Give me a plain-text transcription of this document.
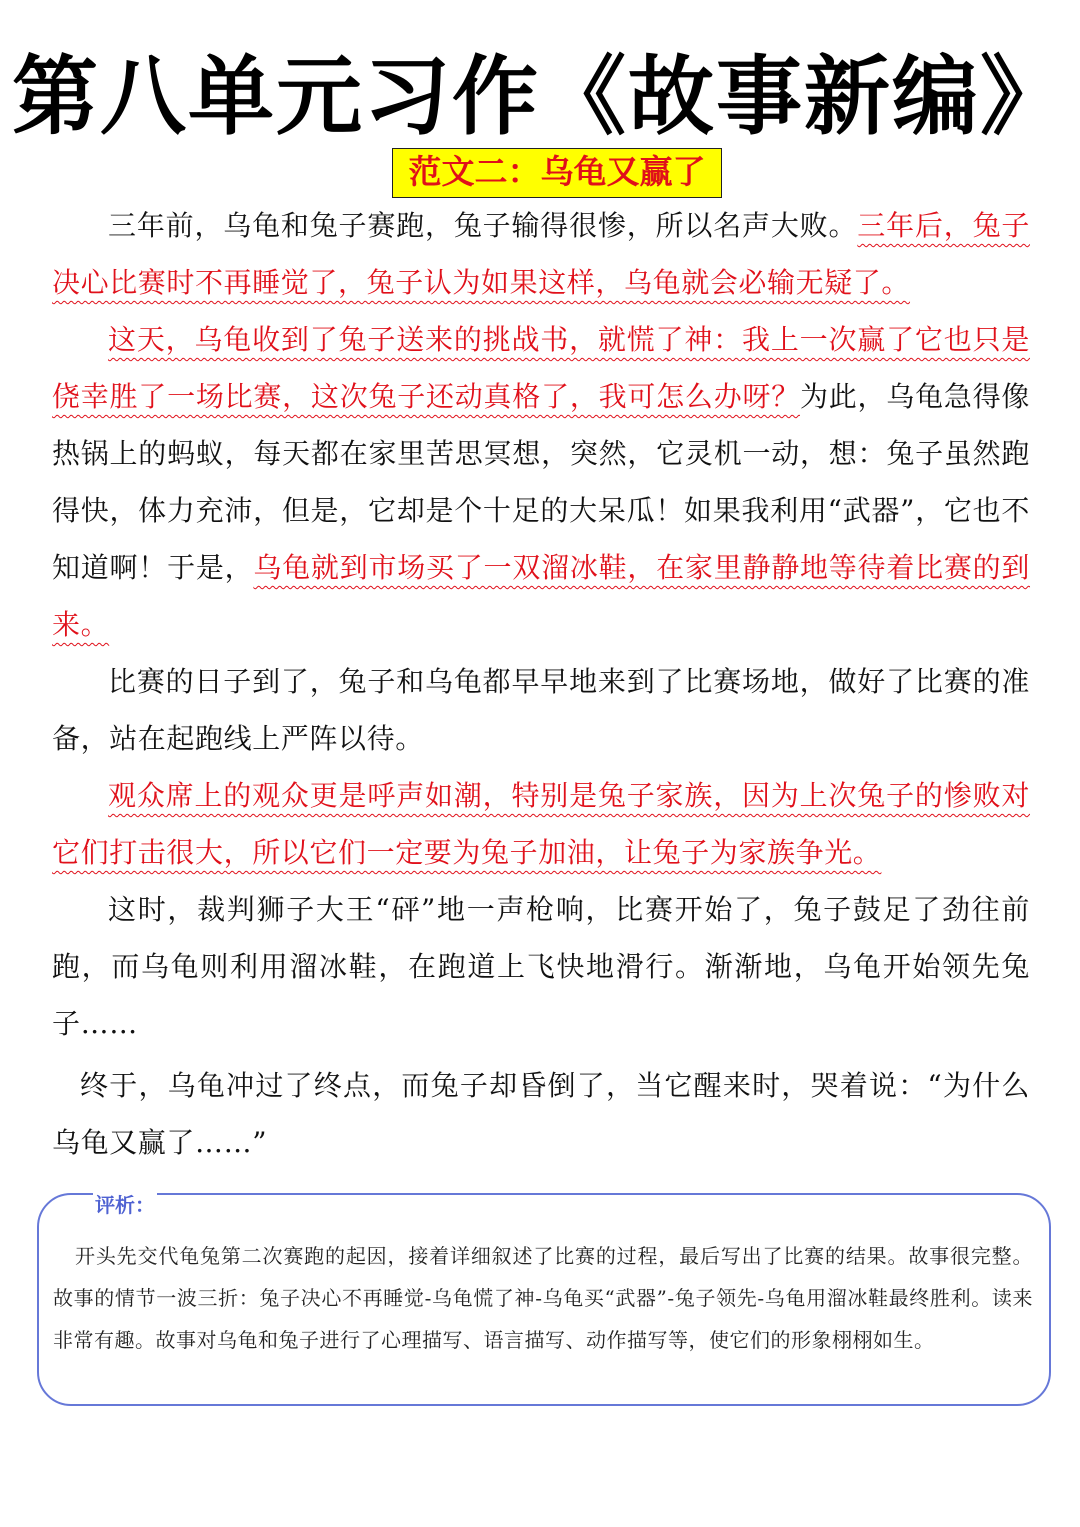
第八单元习作《故事新编》
范文二：乌龟又赢了

三年前，乌龟和兔子赛跑，兔子输得很惨，所以名声大败。三年后，兔子决心比赛时不再睡觉了，兔子认为如果这样，乌龟就会必输无疑了。

这天，乌龟收到了兔子送来的挑战书，就慌了神：我上一次赢了它也只是侥幸胜了一场比赛，这次兔子还动真格了，我可怎么办呀？为此，乌龟急得像热锅上的蚂蚁，每天都在家里苦思冥想，突然，它灵机一动，想：兔子虽然跑得快，体力充沛，但是，它却是个十足的大呆瓜！如果我利用“武器”，它也不知道啊！于是，乌龟就到市场买了一双溜冰鞋，在家里静静地等待着比赛的到来。

比赛的日子到了，兔子和乌龟都早早地来到了比赛场地，做好了比赛的准备，站在起跑线上严阵以待。

观众席上的观众更是呼声如潮，特别是兔子家族，因为上次兔子的惨败对它们打击很大，所以它们一定要为兔子加油，让兔子为家族争光。

这时，裁判狮子大王“砰”地一声枪响，比赛开始了，兔子鼓足了劲往前跑，而乌龟则利用溜冰鞋，在跑道上飞快地滑行。渐渐地，乌龟开始领先兔子……

终于，乌龟冲过了终点，而兔子却昏倒了，当它醒来时，哭着说：“为什么乌龟又赢了……”

评析：

开头先交代龟兔第二次赛跑的起因，接着详细叙述了比赛的过程，最后写出了比赛的结果。故事很完整。故事的情节一波三折：兔子决心不再睡觉-乌龟慌了神-乌龟买“武器”-兔子领先-乌龟用溜冰鞋最终胜利。读来非常有趣。故事对乌龟和兔子进行了心理描写、语言描写、动作描写等，使它们的形象栩栩如生。
